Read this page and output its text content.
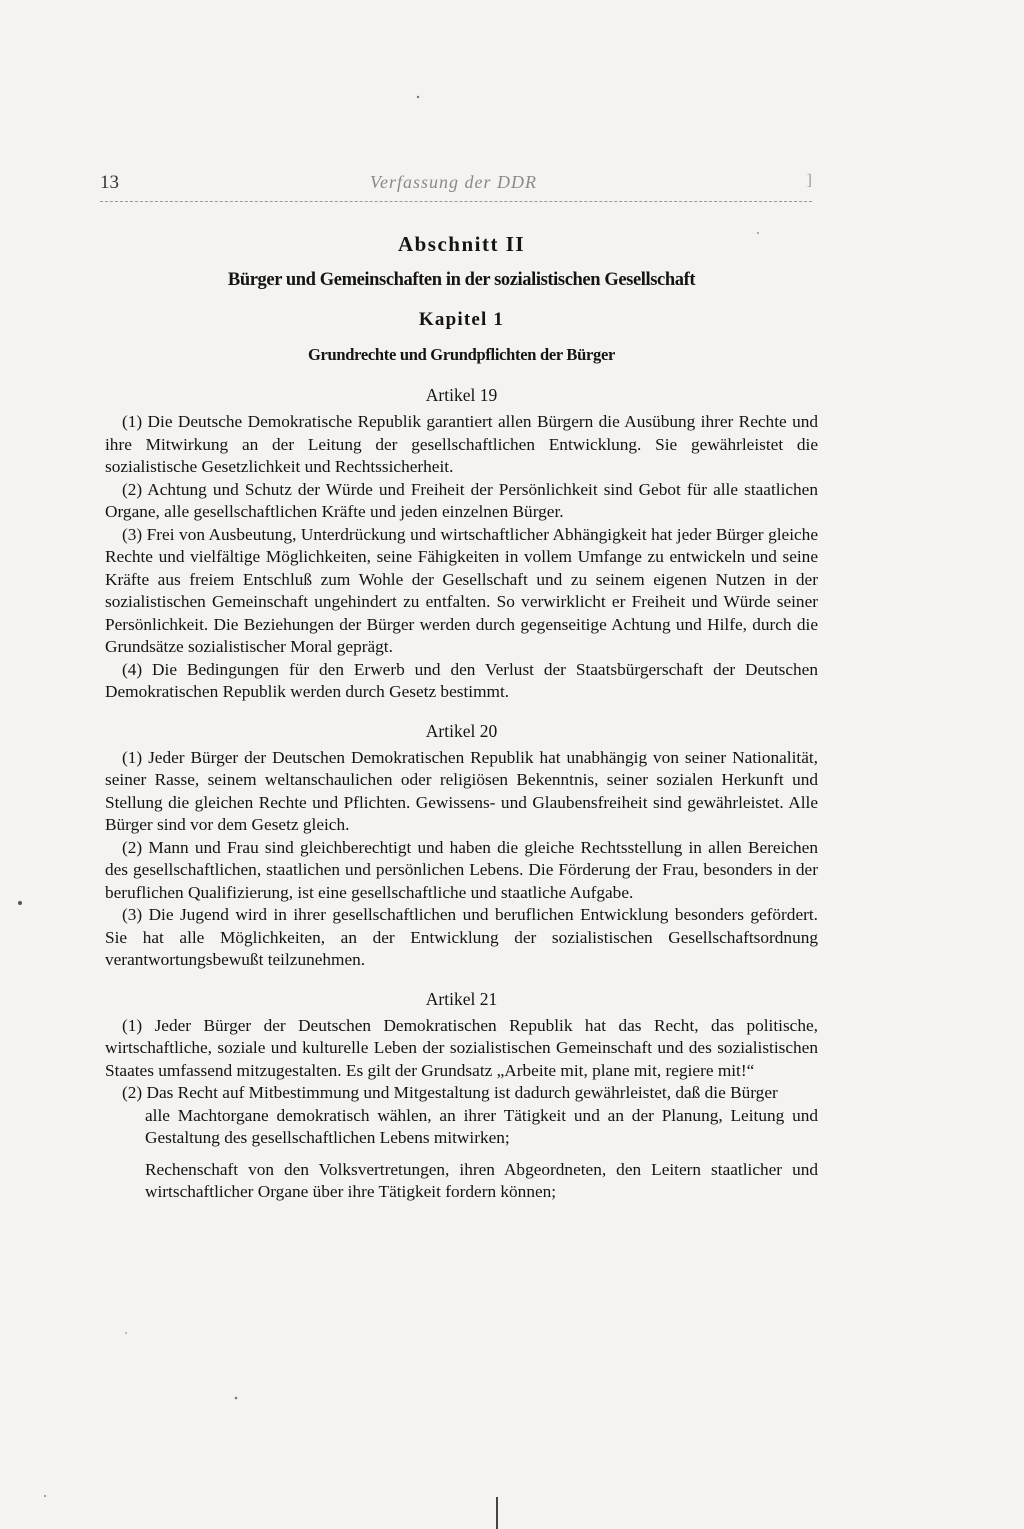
13	Verfassung der DDR	]
Abschnitt II
Bürger und Gemeinschaften in der sozialistischen Gesellschaft
Kapitel 1
Grundrechte und Grundpflichten der Bürger
Artikel 19

(1) Die Deutsche Demokratische Republik garantiert allen Bürgern die Ausübung ihrer Rechte und ihre Mitwirkung an der Leitung der gesellschaftlichen Entwicklung. Sie gewährleistet die sozialistische Gesetzlichkeit und Rechtssicherheit.

(2) Achtung und Schutz der Würde und Freiheit der Persönlichkeit sind Gebot für alle staatlichen Organe, alle gesellschaftlichen Kräfte und jeden einzelnen Bürger.

(3) Frei von Ausbeutung, Unterdrückung und wirtschaftlicher Abhängigkeit hat jeder Bürger gleiche Rechte und vielfältige Möglichkeiten, seine Fähigkeiten in vollem Umfange zu entwickeln und seine Kräfte aus freiem Entschluß zum Wohle der Gesellschaft und zu seinem eigenen Nutzen in der sozialistischen Gemeinschaft ungehindert zu entfalten. So verwirklicht er Freiheit und Würde seiner Persönlichkeit. Die Beziehungen der Bürger werden durch gegenseitige Achtung und Hilfe, durch die Grundsätze sozialistischer Moral geprägt.

(4) Die Bedingungen für den Erwerb und den Verlust der Staatsbürgerschaft der Deutschen Demokratischen Republik werden durch Gesetz bestimmt.

Artikel 20

(1) Jeder Bürger der Deutschen Demokratischen Republik hat unabhängig von seiner Nationalität, seiner Rasse, seinem weltanschaulichen oder religiösen Bekenntnis, seiner sozialen Herkunft und Stellung die gleichen Rechte und Pflichten. Gewissens- und Glaubensfreiheit sind gewährleistet. Alle Bürger sind vor dem Gesetz gleich.

(2) Mann und Frau sind gleichberechtigt und haben die gleiche Rechtsstellung in allen Bereichen des gesellschaftlichen, staatlichen und persönlichen Lebens. Die Förderung der Frau, besonders in der beruflichen Qualifizierung, ist eine gesellschaftliche und staatliche Aufgabe.

(3) Die Jugend wird in ihrer gesellschaftlichen und beruflichen Entwicklung besonders gefördert. Sie hat alle Möglichkeiten, an der Entwicklung der sozialistischen Gesellschaftsordnung verantwortungsbewußt teilzunehmen.

Artikel 21

(1) Jeder Bürger der Deutschen Demokratischen Republik hat das Recht, das politische, wirtschaftliche, soziale und kulturelle Leben der sozialistischen Gemeinschaft und des sozialistischen Staates umfassend mitzugestalten. Es gilt der Grundsatz „Arbeite mit, plane mit, regiere mit!“

(2) Das Recht auf Mitbestimmung und Mitgestaltung ist dadurch gewährleistet, daß die Bürger

alle Machtorgane demokratisch wählen, an ihrer Tätigkeit und an der Planung, Leitung und Gestaltung des gesellschaftlichen Lebens mitwirken;

Rechenschaft von den Volksvertretungen, ihren Abgeordneten, den Leitern staatlicher und wirtschaftlicher Organe über ihre Tätigkeit fordern können;
